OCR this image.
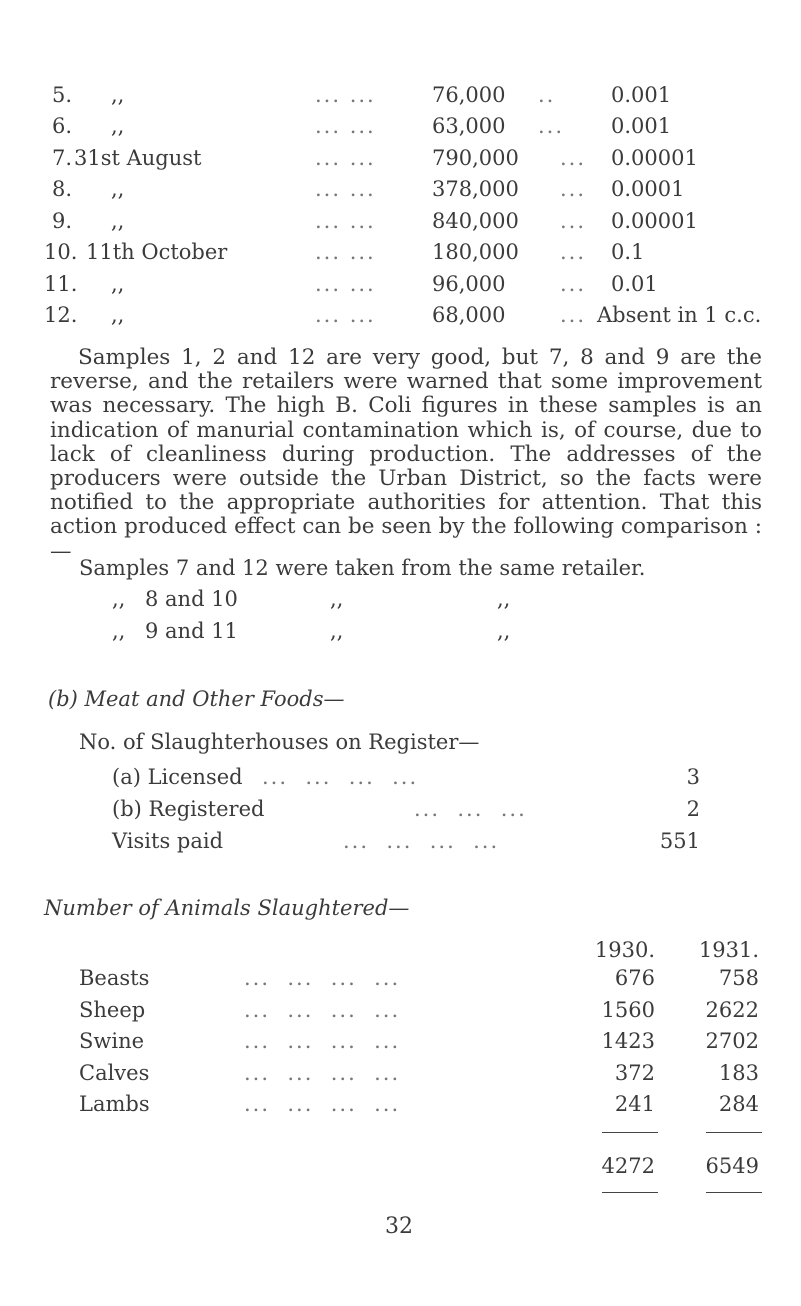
5. ,,	... ...	76,000 ..	0.001
6. ,,	... ...	63,000 ... 0.001
7. 31st August	... ...	790,000 ... 0.00001
8. ,,	... ...	378,000 ... 0.0001
9. ,,	... ...	840,000 ... 0.00001
10. 11th October	... ...	180,000 ... 0.1
11. ,,	... ...	96,000	... 0.01
12. ,,	... ...	68,000	... Absent in 1 c.c.

Samples 1, 2 and 12 are very good, but 7, 8 and 9 are the reverse, and the retailers were warned that some improvement was necessary. The high B. Coli figures in these samples is an indication of manurial contamination which is, of course, due to lack of cleanliness during production. The addresses of the producers were outside the Urban District, so the facts were notified to the appropriate authorities for attention. That this action produced effect can be seen by the following comparison : —

Samples 7 and 12 were taken from the same retailer.
,, 8 and 10	,,	,,
,, 9 and 11	,,	,,
(b) Meat and Other Foods—
No. of Slaughterhouses on Register—
(a) Licensed ...  ...  ...  ...	3
(b) Registered	...  ...  ...	2
Visits paid	...  ...  ...  ...	551
Number of Animals Slaughtered—
1930. 1931.
Beasts	...  ...  ...  ...	676	758
Sheep	...  ...  ...  ...	1560	2622
Swine	...  ...  ...  ...	1423	2702
Calves	...  ...  ...  ...	372	183
Lambs	...  ...  ...  ...	241	284
4272	6549
32
